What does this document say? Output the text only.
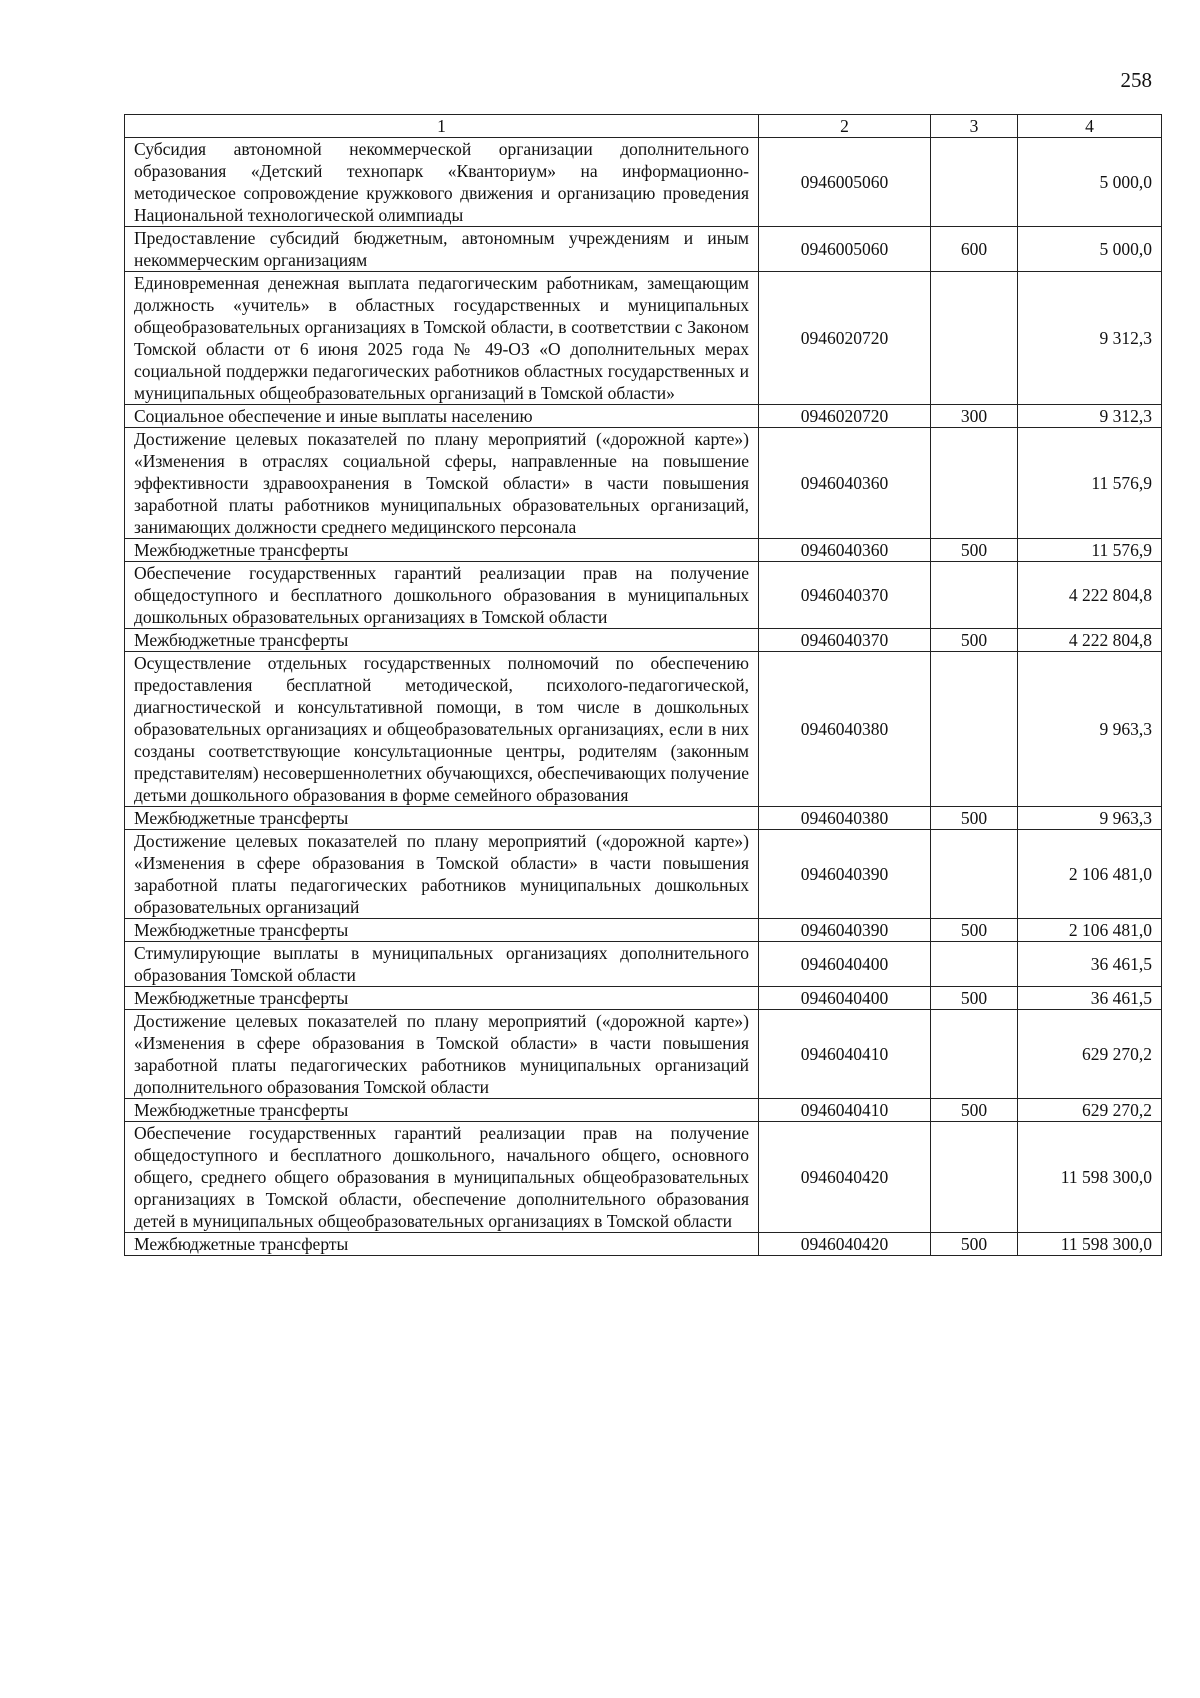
258
1	2	3	4
Субсидия автономной некоммерческой организации дополнительного образования «Детский технопарк «Кванториум» на информационно-методическое сопровождение кружкового движения и организацию проведения Национальной технологической олимпиады	0946005060		5 000,0
Предоставление субсидий бюджетным, автономным учреждениям и иным некоммерческим организациям	0946005060	600	5 000,0
Единовременная денежная выплата педагогическим работникам, замещающим должность «учитель» в областных государственных и муниципальных общеобразовательных организациях в Томской области, в соответствии с Законом Томской области от 6 июня 2025 года № 49-ОЗ «О дополнительных мерах социальной поддержки педагогических работников областных государственных и муниципальных общеобразовательных организаций в Томской области»	0946020720		9 312,3
Социальное обеспечение и иные выплаты населению	0946020720	300	9 312,3
Достижение целевых показателей по плану мероприятий («дорожной карте») «Изменения в отраслях социальной сферы, направленные на повышение эффективности здравоохранения в Томской области» в части повышения заработной платы работников муниципальных образовательных организаций, занимающих должности среднего медицинского персонала	0946040360		11 576,9
Межбюджетные трансферты	0946040360	500	11 576,9
Обеспечение государственных гарантий реализации прав на получение общедоступного и бесплатного дошкольного образования в муниципальных дошкольных образовательных организациях в Томской области	0946040370		4 222 804,8
Межбюджетные трансферты	0946040370	500	4 222 804,8
Осуществление отдельных государственных полномочий по обеспечению предоставления бесплатной методической, психолого-педагогической, диагностической и консультативной помощи, в том числе в дошкольных образовательных организациях и общеобразовательных организациях, если в них созданы соответствующие консультационные центры, родителям (законным представителям) несовершеннолетних обучающихся, обеспечивающих получение детьми дошкольного образования в форме семейного образования	0946040380		9 963,3
Межбюджетные трансферты	0946040380	500	9 963,3
Достижение целевых показателей по плану мероприятий («дорожной карте») «Изменения в сфере образования в Томской области» в части повышения заработной платы педагогических работников муниципальных дошкольных образовательных организаций	0946040390		2 106 481,0
Межбюджетные трансферты	0946040390	500	2 106 481,0
Стимулирующие выплаты в муниципальных организациях дополнительного образования Томской области	0946040400		36 461,5
Межбюджетные трансферты	0946040400	500	36 461,5
Достижение целевых показателей по плану мероприятий («дорожной карте») «Изменения в сфере образования в Томской области» в части повышения заработной платы педагогических работников муниципальных организаций дополнительного образования Томской области	0946040410		629 270,2
Межбюджетные трансферты	0946040410	500	629 270,2
Обеспечение государственных гарантий реализации прав на получение общедоступного и бесплатного дошкольного, начального общего, основного общего, среднего общего образования в муниципальных общеобразовательных организациях в Томской области, обеспечение дополнительного образования детей в муниципальных общеобразовательных организациях в Томской области	0946040420		11 598 300,0
Межбюджетные трансферты	0946040420	500	11 598 300,0
